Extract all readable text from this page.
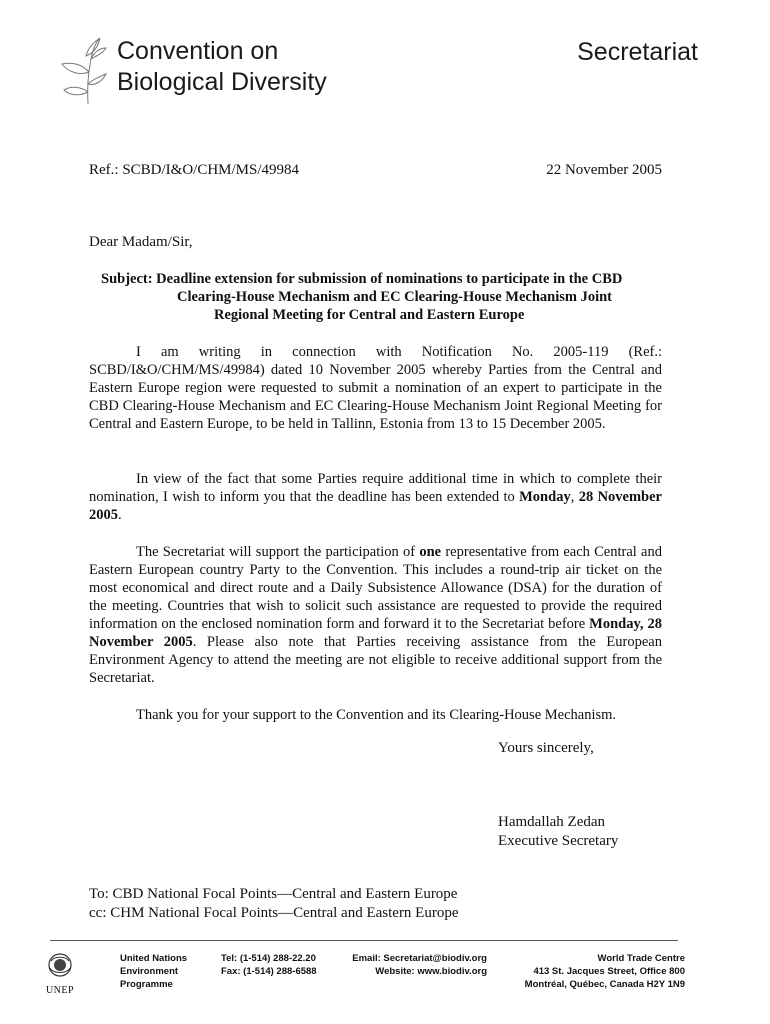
Convention on
Biological Diversity
Secretariat
Ref.: SCBD/I&O/CHM/MS/49984	22 November 2005
Dear Madam/Sir,
Subject: Deadline extension for submission of nominations to participate in the CBD
Clearing-House Mechanism and EC Clearing-House Mechanism Joint
Regional Meeting for Central and Eastern Europe

I am writing in connection with Notification No. 2005-119 (Ref.: SCBD/I&O/CHM/MS/49984) dated 10 November 2005 whereby Parties from the Central and Eastern Europe region were requested to submit a nomination of an expert to participate in the CBD Clearing-House Mechanism and EC Clearing-House Mechanism Joint Regional Meeting for Central and Eastern Europe, to be held in Tallinn, Estonia from 13 to 15 December 2005.

In view of the fact that some Parties require additional time in which to complete their nomination, I wish to inform you that the deadline has been extended to Monday, 28 November 2005.

The Secretariat will support the participation of one representative from each Central and Eastern European country Party to the Convention. This includes a round-trip air ticket on the most economical and direct route and a Daily Subsistence Allowance (DSA) for the duration of the meeting. Countries that wish to solicit such assistance are requested to provide the required information on the enclosed nomination form and forward it to the Secretariat before Monday, 28 November 2005. Please also note that Parties receiving assistance from the European Environment Agency to attend the meeting are not eligible to receive additional support from the Secretariat.

Thank you for your support to the Convention and its Clearing-House Mechanism.

Yours sincerely,
Hamdallah Zedan
Executive Secretary
To: CBD National Focal Points—Central and Eastern Europe
cc: CHM National Focal Points—Central and Eastern Europe
UNEP
United Nations
Environment
Programme
Tel: (1-514) 288-22.20
Fax: (1-514) 288-6588
Email: Secretariat@biodiv.org
Website: www.biodiv.org
World Trade Centre
413 St. Jacques Street, Office 800
Montréal, Québec, Canada H2Y 1N9
